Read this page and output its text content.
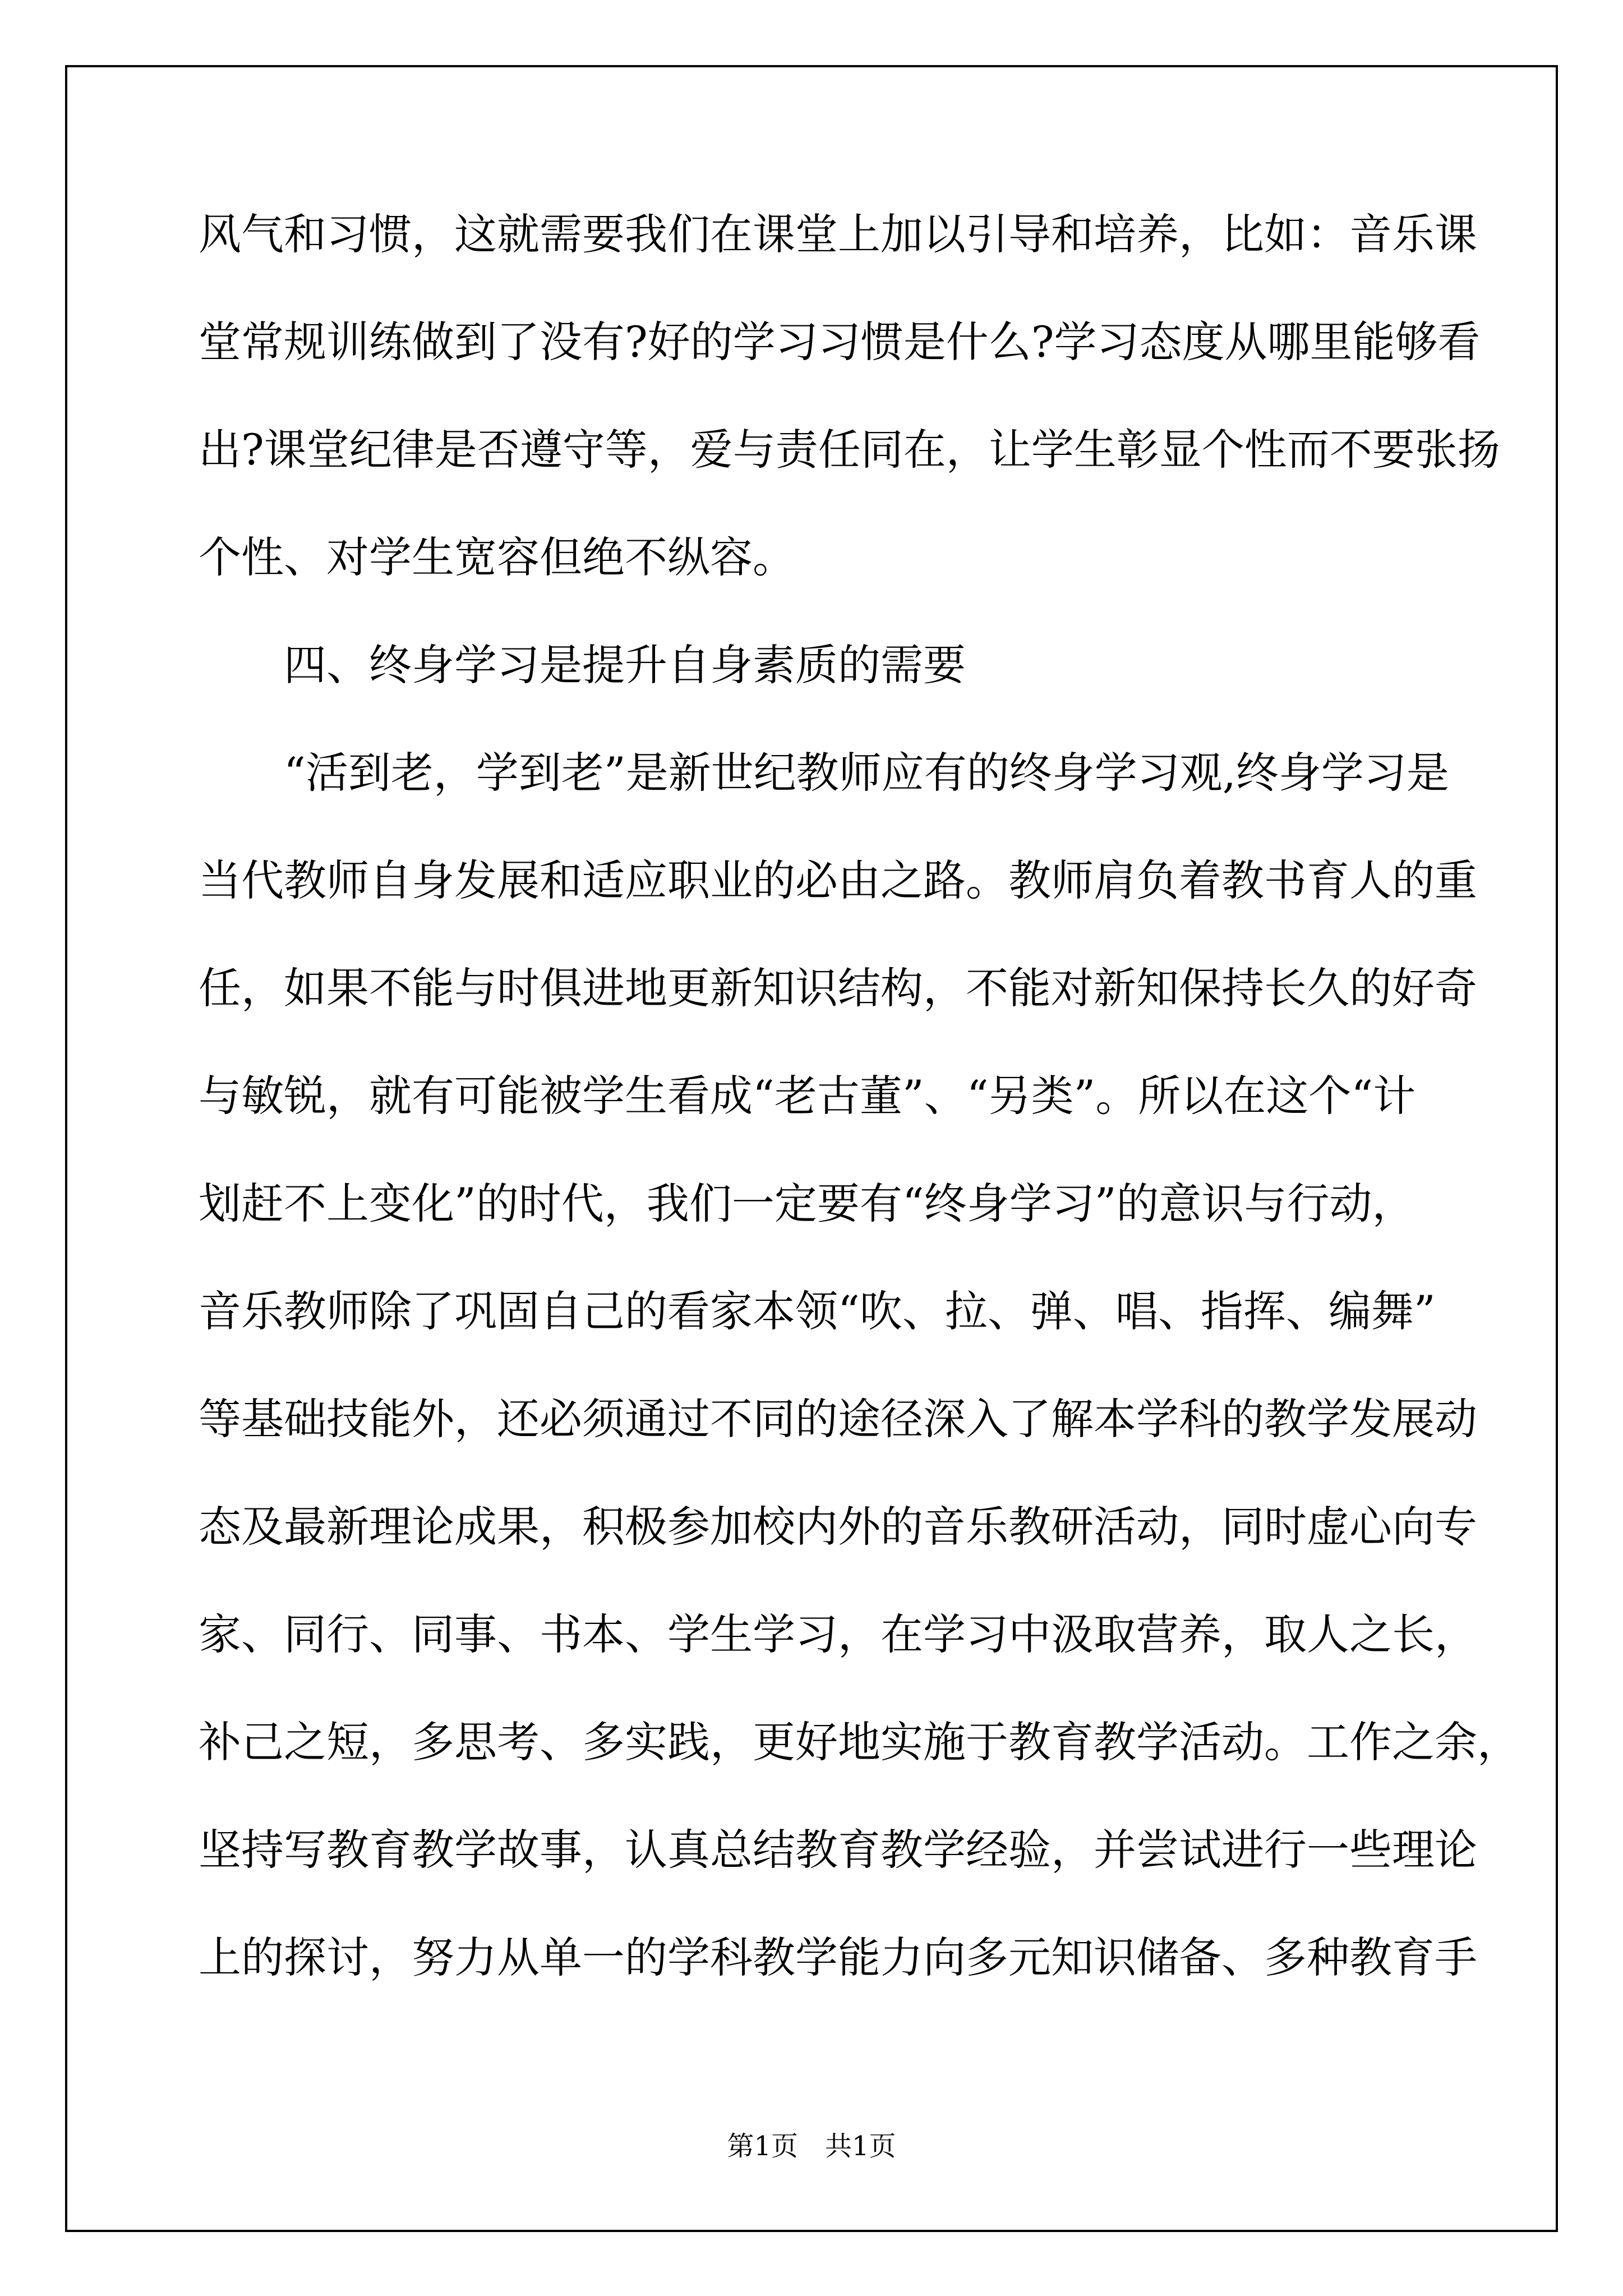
风气和习惯，这就需要我们在课堂上加以引导和培养，比如：音乐课

堂常规训练做到了没有?好的学习习惯是什么?学习态度从哪里能够看

出?课堂纪律是否遵守等，爱与责任同在，让学生彰显个性而不要张扬

个性、对学生宽容但绝不纵容。

　　四、终身学习是提升自身素质的需要

　　“活到老，学到老”是新世纪教师应有的终身学习观,终身学习是

当代教师自身发展和适应职业的必由之路。教师肩负着教书育人的重

任，如果不能与时俱进地更新知识结构，不能对新知保持长久的好奇

与敏锐，就有可能被学生看成“老古董”、“另类”。所以在这个“计

划赶不上变化”的时代，我们一定要有“终身学习”的意识与行动，

音乐教师除了巩固自己的看家本领“吹、拉、弹、唱、指挥、编舞”

等基础技能外，还必须通过不同的途径深入了解本学科的教学发展动

态及最新理论成果，积极参加校内外的音乐教研活动，同时虚心向专

家、同行、同事、书本、学生学习，在学习中汲取营养，取人之长，

补己之短，多思考、多实践，更好地实施于教育教学活动。工作之余，

坚持写教育教学故事，认真总结教育教学经验，并尝试进行一些理论

上的探讨，努力从单一的学科教学能力向多元知识储备、多种教育手

第1页　共1页
